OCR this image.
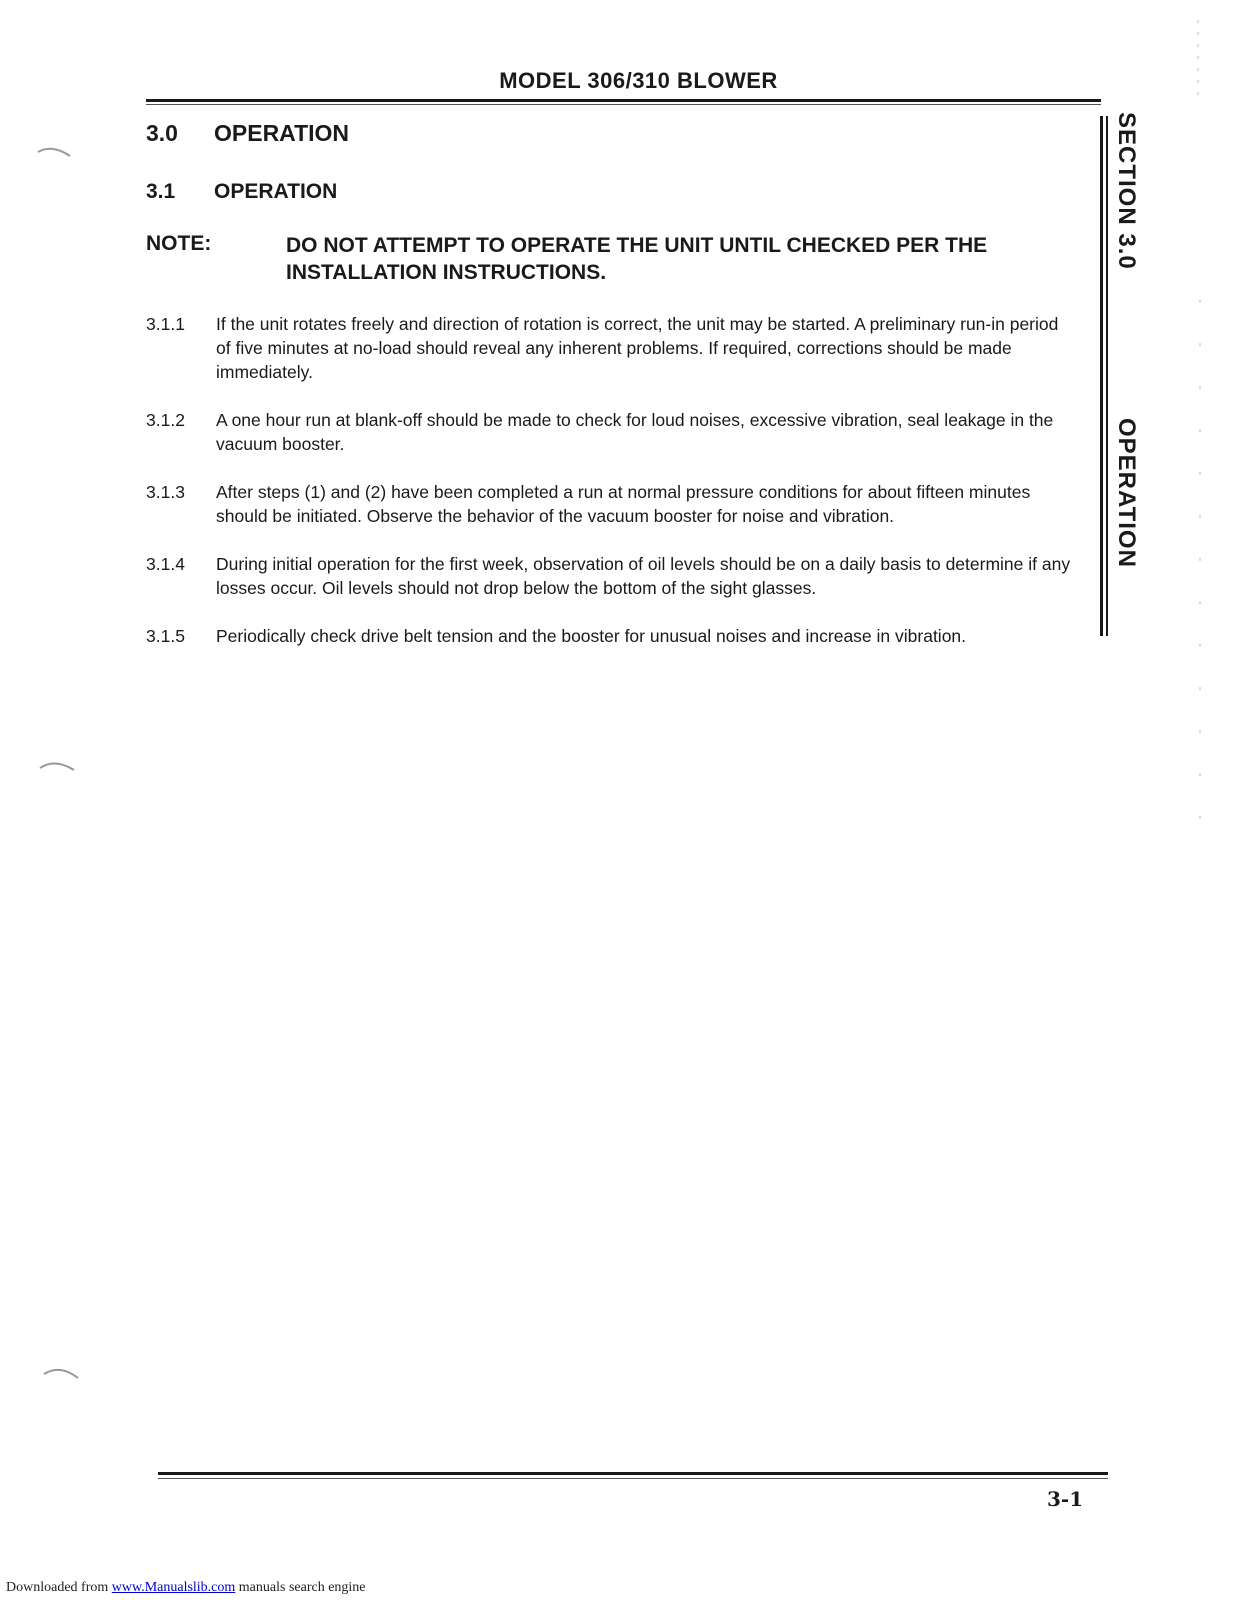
MODEL 306/310 BLOWER
SECTION 3.0
OPERATION
3.0 OPERATION
3.1 OPERATION
NOTE:	DO NOT ATTEMPT TO OPERATE THE UNIT UNTIL CHECKED PER THE INSTALLATION INSTRUCTIONS.
3.1.1	If the unit rotates freely and direction of rotation is correct, the unit may be started. A preliminary run-in period of five minutes at no-load should reveal any inherent problems. If required, corrections should be made immediately.
3.1.2	A one hour run at blank-off should be made to check for loud noises, excessive vibration, seal leakage in the vacuum booster.
3.1.3	After steps (1) and (2) have been completed a run at normal pressure conditions for about fifteen minutes should be initiated. Observe the behavior of the vacuum booster for noise and vibration.
3.1.4	During initial operation for the first week, observation of oil levels should be on a daily basis to determine if any losses occur. Oil levels should not drop below the bottom of the sight glasses.
3.1.5	Periodically check drive belt tension and the booster for unusual noises and increase in vibration.
3-1
Downloaded from www.Manualslib.com manuals search engine
